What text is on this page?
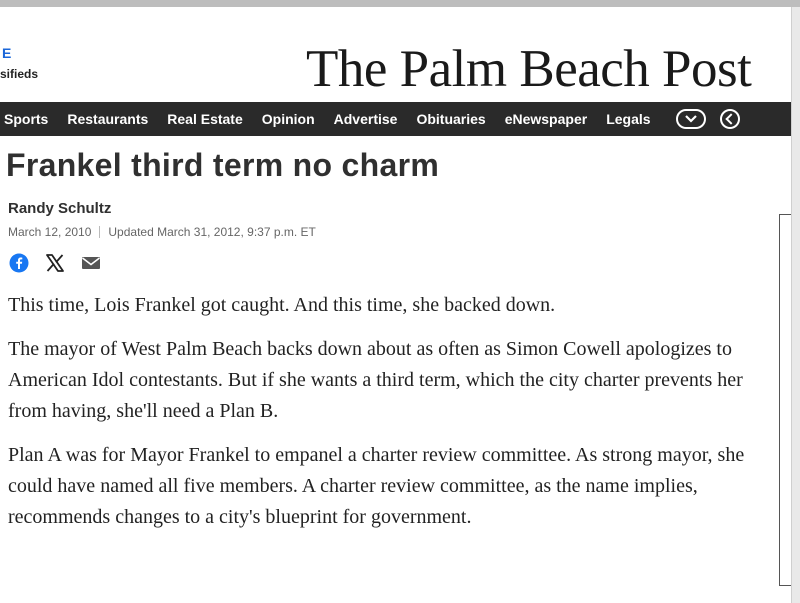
E
sifieds	The Palm Beach Post
Sports Restaurants Real Estate Opinion Advertise Obituaries eNewspaper Legals
Frankel third term no charm
Randy Schultz
March 12, 2010 Updated March 31, 2012, 9:37 p.m. ET

This time, Lois Frankel got caught. And this time, she backed down.

The mayor of West Palm Beach backs down about as often as Simon Cowell apologizes to American Idol contestants. But if she wants a third term, which the city charter prevents her from having, she'll need a Plan B.

Plan A was for Mayor Frankel to empanel a charter review committee. As strong mayor, she could have named all five members. A charter review committee, as the name implies, recommends changes to a city's blueprint for government.
